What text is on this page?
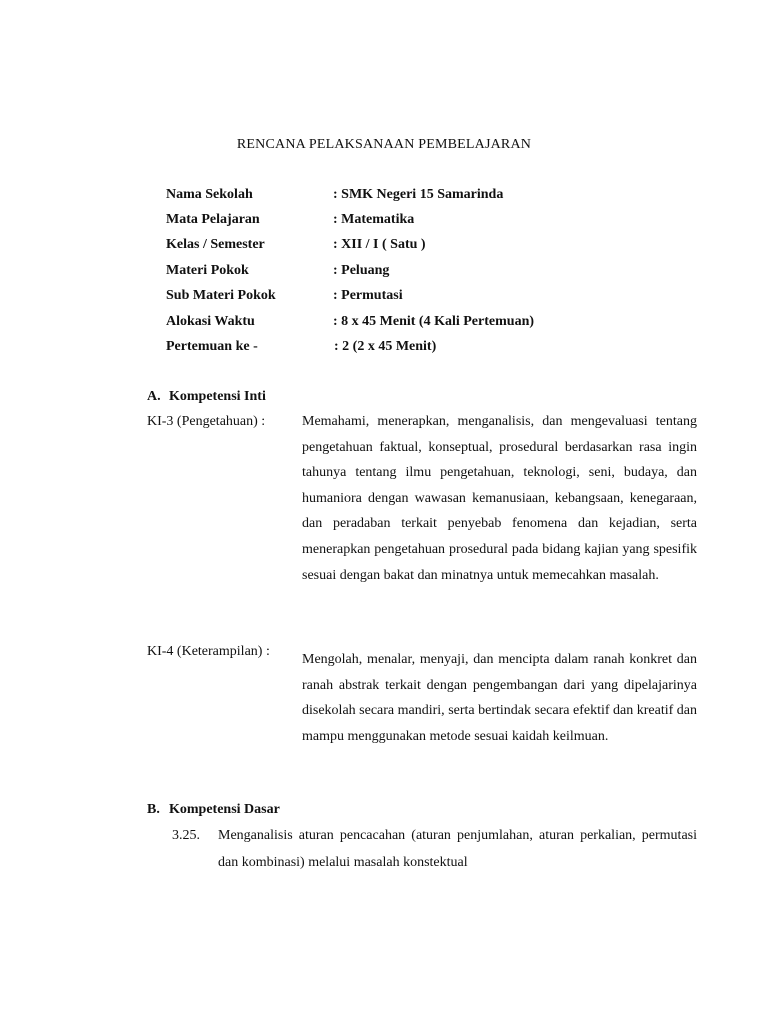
RENCANA PELAKSANAAN PEMBELAJARAN
Nama Sekolah	: SMK Negeri 15 Samarinda
Mata Pelajaran	: Matematika
Kelas / Semester	: XII / I ( Satu )
Materi Pokok	: Peluang
Sub Materi Pokok	: Permutasi
Alokasi Waktu	: 8 x 45 Menit (4 Kali Pertemuan)
Pertemuan ke -	: 2 (2 x 45 Menit)
A. Kompetensi Inti
KI-3 (Pengetahuan) :	Memahami, menerapkan, menganalisis, dan mengevaluasi tentang pengetahuan faktual, konseptual, prosedural berdasarkan rasa ingin tahunya tentang ilmu pengetahuan, teknologi, seni, budaya, dan humaniora dengan wawasan kemanusiaan, kebangsaan, kenegaraan, dan peradaban terkait penyebab fenomena dan kejadian, serta menerapkan pengetahuan prosedural pada bidang kajian yang spesifik sesuai dengan bakat dan minatnya untuk memecahkan masalah.
KI-4 (Keterampilan) :
Mengolah, menalar, menyaji, dan mencipta dalam ranah konkret dan ranah abstrak terkait dengan pengembangan dari yang dipelajarinya disekolah secara mandiri, serta bertindak secara efektif dan kreatif dan mampu menggunakan metode sesuai kaidah keilmuan.
B. Kompetensi Dasar
3.25. Menganalisis aturan pencacahan (aturan penjumlahan, aturan perkalian, permutasi dan kombinasi) melalui masalah konstektual
